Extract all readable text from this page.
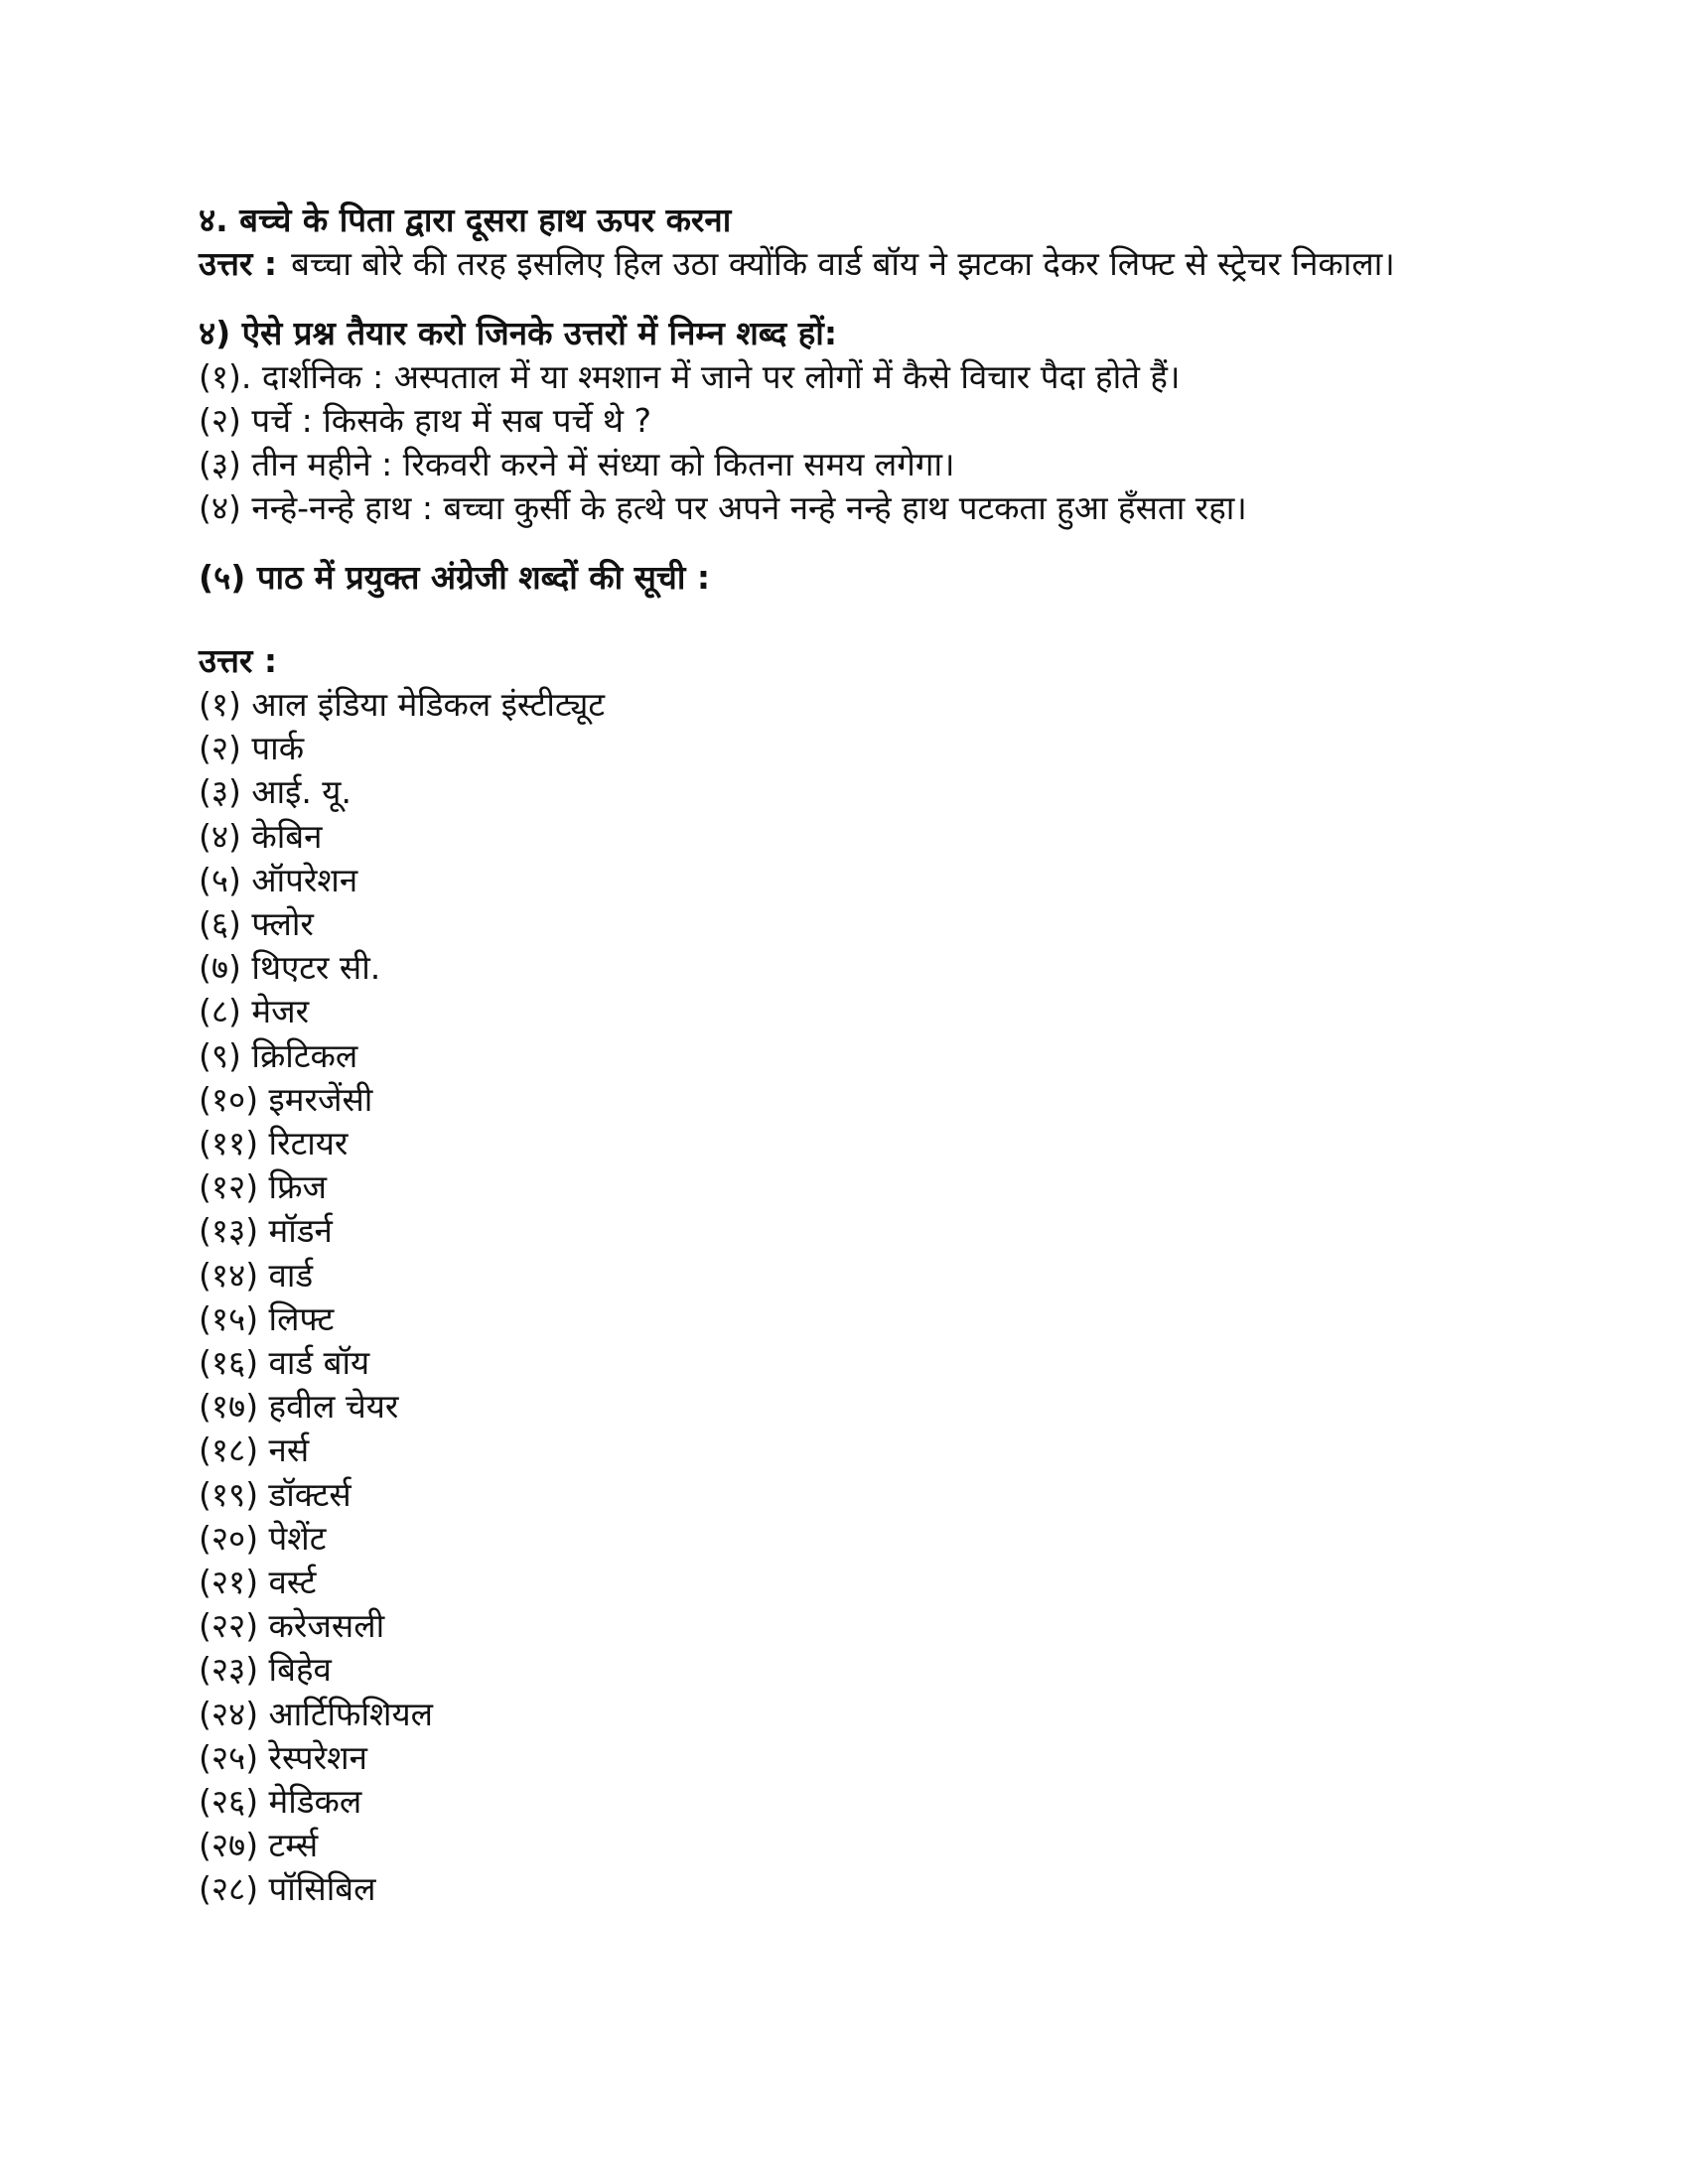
४. बच्चे के पिता द्वारा दूसरा हाथ ऊपर करना

उत्तर : बच्चा बोरे की तरह इसलिए हिल उठा क्योंकि वार्ड बॉय ने झटका देकर लिफ्ट से स्ट्रेचर निकाला।

४) ऐसे प्रश्न तैयार करो जिनके उत्तरों में निम्न शब्द हों:

(१). दार्शनिक : अस्पताल में या श्मशान में जाने पर लोगों में कैसे विचार पैदा होते हैं।

(२) पर्चे : किसके हाथ में सब पर्चे थे ?

(३) तीन महीने : रिकवरी करने में संध्या को कितना समय लगेगा।

(४) नन्हे-नन्हे हाथ : बच्चा कुर्सी के हत्थे पर अपने नन्हे नन्हे हाथ पटकता हुआ हँसता रहा।

(५) पाठ में प्रयुक्त अंग्रेजी शब्दों की सूची :

उत्तर :

(१) आल इंडिया मेडिकल इंस्टीट्यूट
(२) पार्क
(३) आई. यू.
(४) केबिन
(५) ऑपरेशन
(६) फ्लोर
(७) थिएटर सी.
(८) मेजर
(९) क्रिटिकल
(१०) इमरजेंसी
(११) रिटायर
(१२) फ्रिज
(१३) मॉडर्न
(१४) वार्ड
(१५) लिफ्ट
(१६) वार्ड बॉय
(१७) हवील चेयर
(१८) नर्स
(१९) डॉक्टर्स
(२०) पेशेंट
(२१) वर्स्ट
(२२) करेजसली
(२३) बिहेव
(२४) आर्टिफिशियल
(२५) रेस्परेशन
(२६) मेडिकल
(२७) टर्म्स
(२८) पॉसिबिल
